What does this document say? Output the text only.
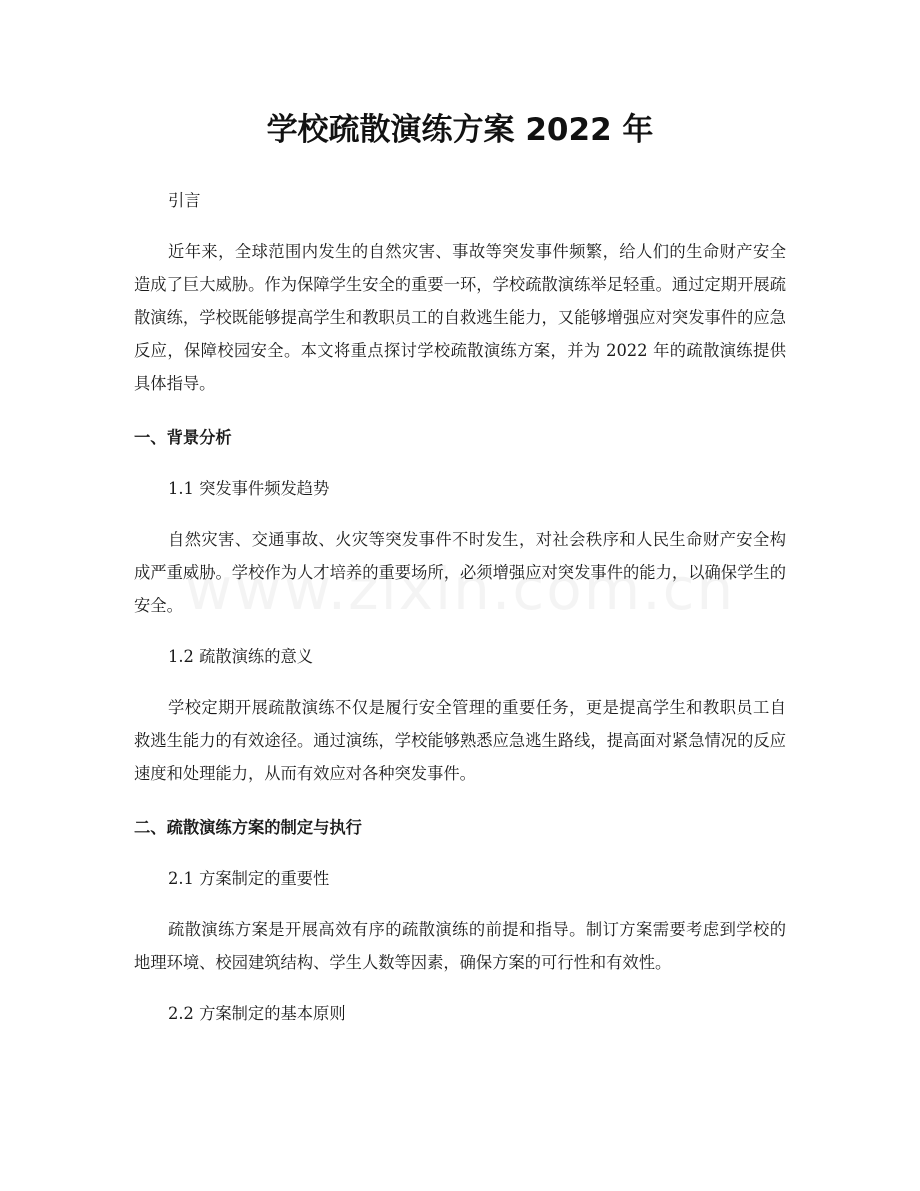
学校疏散演练方案 2022 年

引言

近年来，全球范围内发生的自然灾害、事故等突发事件频繁，给人们的生命财产安全造成了巨大威胁。作为保障学生安全的重要一环，学校疏散演练举足轻重。通过定期开展疏散演练，学校既能够提高学生和教职员工的自救逃生能力，又能够增强应对突发事件的应急反应，保障校园安全。本文将重点探讨学校疏散演练方案，并为 2022 年的疏散演练提供具体指导。

一、背景分析

1.1 突发事件频发趋势

自然灾害、交通事故、火灾等突发事件不时发生，对社会秩序和人民生命财产安全构成严重威胁。学校作为人才培养的重要场所，必须增强应对突发事件的能力，以确保学生的安全。

1.2 疏散演练的意义

学校定期开展疏散演练不仅是履行安全管理的重要任务，更是提高学生和教职员工自救逃生能力的有效途径。通过演练，学校能够熟悉应急逃生路线，提高面对紧急情况的反应速度和处理能力，从而有效应对各种突发事件。

二、疏散演练方案的制定与执行

2.1 方案制定的重要性

疏散演练方案是开展高效有序的疏散演练的前提和指导。制订方案需要考虑到学校的地理环境、校园建筑结构、学生人数等因素，确保方案的可行性和有效性。

2.2 方案制定的基本原则
